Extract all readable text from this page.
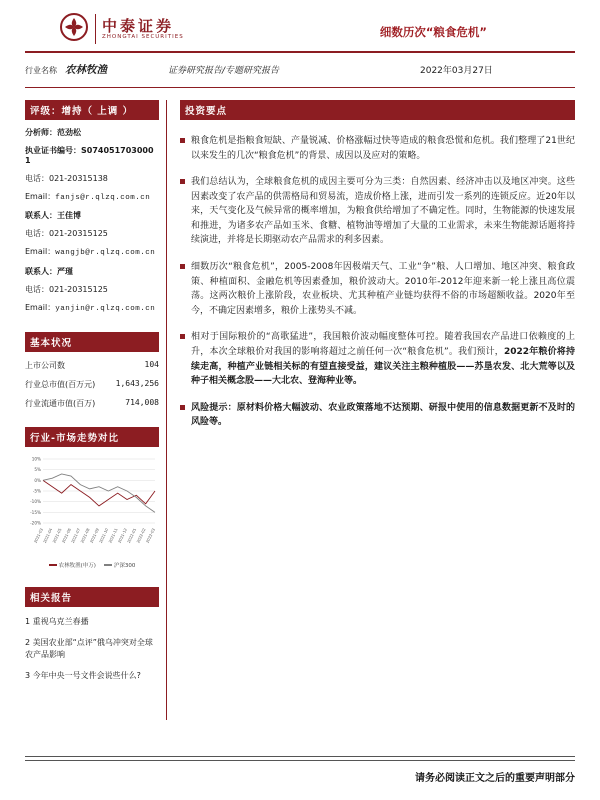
中泰证券
ZHONGTAI SECURITIES	细数历次“粮食危机”
行业名称 农林牧渔	证券研究报告/专题研究报告	2022年03月27日
评级：增持（ 上调 ）
分析师：范劲松
执业证书编号：S0740517030001
电话：021-20315138
Email：fanjs@r.qlzq.com.cn
联系人：王佳博
电话：021-20315125
Email：wangjb@r.qlzq.com.cn
联系人：严瑾
电话：021-20315125
Email：yanjin@r.qlzq.com.cn
基本状况
上市公司数	104
行业总市值(百万元)	1,643,256
行业流通市值(百万)	714,008
行业-市场走势对比
10%
5%
0%
-5%
-10%
-15%
-20%
2021-03
2021-04
2021-05
2021-06
2021-07
2021-08
2021-09
2021-10
2021-11
2021-12
2022-01
2022-02
2022-03
农林牧渔(申万)	沪深300
相关报告
1 重视乌克兰春播
2 美国农业部“点评”俄乌冲突对全球农产品影响
3 今年中央一号文件会说些什么?
投资要点
粮食危机是指粮食短缺、产量锐减、价格涨幅过快等造成的粮食恐慌和危机。我们整理了21世纪以来发生的几次“粮食危机”的背景、成因以及应对的策略。
我们总结认为，全球粮食危机的成因主要可分为三类：自然因素、经济冲击以及地区冲突。这些因素改变了农产品的供需格局和贸易流，造成价格上涨，进而引发一系列的连锁反应。近20年以来，天气变化及气候异常的概率增加，为粮食供给增加了不确定性。同时，生物能源的快速发展和推进，为诸多农产品如玉米、食糖、植物油等增加了大量的工业需求，未来生物能源话题将持续演进，并将是长期驱动农产品需求的利多因素。
细数历次“粮食危机”，2005-2008年因极端天气、工业“争”粮、人口增加、地区冲突、粮食政策、种植面积、金融危机等因素叠加，粮价波动大。2010年-2012年迎来新一轮上涨且高位震荡。这两次粮价上涨阶段，农业板块、尤其种植产业链均获得不俗的市场超额收益。2020年至今，不确定因素增多，粮价上涨势头不减。
相对于国际粮价的“高歌猛进”，我国粮价波动幅度整体可控。随着我国农产品进口依赖度的上升，本次全球粮价对我国的影响将超过之前任何一次“粮食危机”。我们预计，2022年粮价将持续走高，种植产业链相关标的有望直接受益，建议关注主粮种植股——苏垦农发、北大荒等以及种子相关概念股——大北农、登海种业等。
风险提示：原材料价格大幅波动、农业政策落地不达预期、研报中使用的信息数据更新不及时的风险等。
请务必阅读正文之后的重要声明部分
